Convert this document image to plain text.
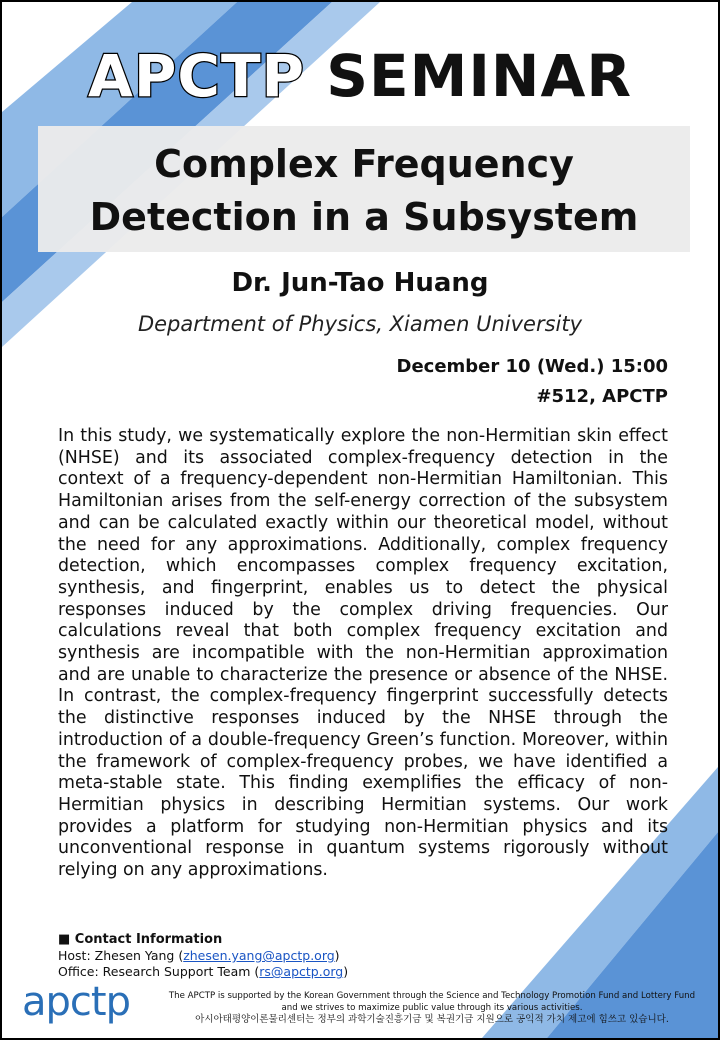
APCTP SEMINAR
Complex Frequency
Detection in a Subsystem
Dr. Jun-Tao Huang
Department of Physics, Xiamen University
December 10 (Wed.) 15:00
#512, APCTP
In this study, we systematically explore the non-Hermitian skin effect (NHSE) and its associated complex-frequency detection in the context of a frequency-dependent non-Hermitian Hamiltonian. This Hamiltonian arises from the self-energy correction of the subsystem and can be calculated exactly within our theoretical model, without the need for any approximations. Additionally, complex frequency detection, which encompasses complex frequency excitation, synthesis, and fingerprint, enables us to detect the physical responses induced by the complex driving frequencies. Our calculations reveal that both complex frequency excitation and synthesis are incompatible with the non-Hermitian approximation and are unable to characterize the presence or absence of the NHSE. In contrast, the complex-frequency fingerprint successfully detects the distinctive responses induced by the NHSE through the introduction of a double-frequency Green’s function. Moreover, within the framework of complex-frequency probes, we have identified a meta-stable state. This finding exemplifies the efficacy of non-Hermitian physics in describing Hermitian systems. Our work provides a platform for studying non-Hermitian physics and its unconventional response in quantum systems rigorously without relying on any approximations.
■ Contact Information
Host: Zhesen Yang (zhesen.yang@apctp.org)
Office: Research Support Team (rs@apctp.org)
apctp	The APCTP is supported by the Korean Government through the Science and Technology Promotion Fund and Lottery Fund
and we strives to maximize public value through its various activities.
아시아태평양이론물리센터는 정부의 과학기술진흥기금 및 복권기금 지원으로 공익적 가치 제고에 힘쓰고 있습니다.
